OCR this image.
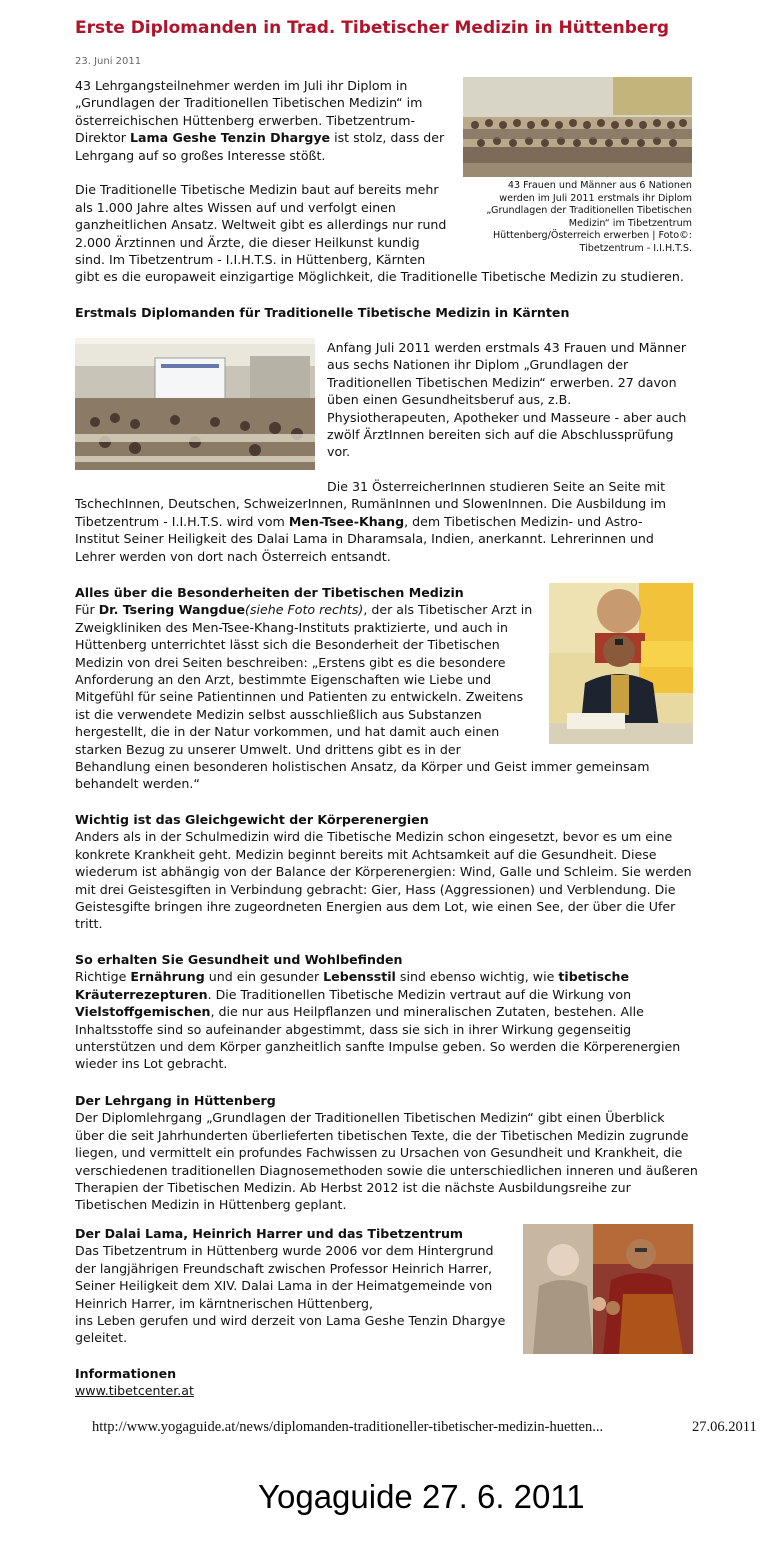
Erste Diplomanden in Trad. Tibetischer Medizin in Hüttenberg
23. Juni 2011

43 Lehrgangsteilnehmer werden im Juli ihr Diplom in

„Grundlagen der Traditionellen Tibetischen Medizin“ im

österreichischen Hüttenberg erwerben. Tibetzentrum-

Direktor Lama Geshe Tenzin Dhargye ist stolz, dass der

Lehrgang auf so großes Interesse stößt.

Die Traditionelle Tibetische Medizin baut auf bereits mehr

als 1.000 Jahre altes Wissen auf und verfolgt einen

ganzheitlichen Ansatz. Weltweit gibt es allerdings nur rund

2.000 Ärztinnen und Ärzte, die dieser Heilkunst kundig

sind. Im Tibetzentrum - I.I.H.T.S. in Hüttenberg, Kärnten

gibt es die europaweit einzigartige Möglichkeit, die Traditionelle Tibetische Medizin zu studieren.

43 Frauen und Männer aus 6 Nationen
werden im Juli 2011 erstmals ihr Diplom
„Grundlagen der Traditionellen Tibetischen
Medizin“ im Tibetzentrum
Hüttenberg/Österreich erwerben | Foto©:
Tibetzentrum - I.I.H.T.S.
Erstmals Diplomanden für Traditionelle Tibetische Medizin in Kärnten

Anfang Juli 2011 werden erstmals 43 Frauen und Männer

aus sechs Nationen ihr Diplom „Grundlagen der

Traditionellen Tibetischen Medizin“ erwerben. 27 davon

üben einen Gesundheitsberuf aus, z.B.

Physiotherapeuten, Apotheker und Masseure - aber auch

zwölf ÄrztInnen bereiten sich auf die Abschlussprüfung

vor.

Die 31 ÖsterreicherInnen studieren Seite an Seite mit

TschechInnen, Deutschen, SchweizerInnen, RumänInnen und SlowenInnen. Die Ausbildung im

Tibetzentrum - I.I.H.T.S. wird vom Men-Tsee-Khang, dem Tibetischen Medizin- und Astro-

Institut Seiner Heiligkeit des Dalai Lama in Dharamsala, Indien, anerkannt. Lehrerinnen und

Lehrer werden von dort nach Österreich entsandt.

Alles über die Besonderheiten der Tibetischen Medizin

Für Dr. Tsering Wangdue(siehe Foto rechts), der als Tibetischer Arzt in

Zweigkliniken des Men-Tsee-Khang-Instituts praktizierte, und auch in

Hüttenberg unterrichtet lässt sich die Besonderheit der Tibetischen

Medizin von drei Seiten beschreiben: „Erstens gibt es die besondere

Anforderung an den Arzt, bestimmte Eigenschaften wie Liebe und

Mitgefühl für seine Patientinnen und Patienten zu entwickeln. Zweitens

ist die verwendete Medizin selbst ausschließlich aus Substanzen

hergestellt, die in der Natur vorkommen, und hat damit auch einen

starken Bezug zu unserer Umwelt. Und drittens gibt es in der

Behandlung einen besonderen holistischen Ansatz, da Körper und Geist immer gemeinsam

behandelt werden.“

Wichtig ist das Gleichgewicht der Körperenergien

Anders als in der Schulmedizin wird die Tibetische Medizin schon eingesetzt, bevor es um eine

konkrete Krankheit geht. Medizin beginnt bereits mit Achtsamkeit auf die Gesundheit. Diese

wiederum ist abhängig von der Balance der Körperenergien: Wind, Galle und Schleim. Sie werden

mit drei Geistesgiften in Verbindung gebracht: Gier, Hass (Aggressionen) und Verblendung. Die

Geistesgifte bringen ihre zugeordneten Energien aus dem Lot, wie einen See, der über die Ufer

tritt.

So erhalten Sie Gesundheit und Wohlbefinden

Richtige Ernährung und ein gesunder Lebensstil sind ebenso wichtig, wie tibetische

Kräuterrezepturen. Die Traditionellen Tibetische Medizin vertraut auf die Wirkung von

Vielstoffgemischen, die nur aus Heilpflanzen und mineralischen Zutaten, bestehen. Alle

Inhaltsstoffe sind so aufeinander abgestimmt, dass sie sich in ihrer Wirkung gegenseitig

unterstützen und dem Körper ganzheitlich sanfte Impulse geben. So werden die Körperenergien

wieder ins Lot gebracht.

Der Lehrgang in Hüttenberg

Der Diplomlehrgang „Grundlagen der Traditionellen Tibetischen Medizin“ gibt einen Überblick

über die seit Jahrhunderten überlieferten tibetischen Texte, die der Tibetischen Medizin zugrunde

liegen, und vermittelt ein profundes Fachwissen zu Ursachen von Gesundheit und Krankheit, die

verschiedenen traditionellen Diagnosemethoden sowie die unterschiedlichen inneren und äußeren

Therapien der Tibetischen Medizin. Ab Herbst 2012 ist die nächste Ausbildungsreihe zur

Tibetischen Medizin in Hüttenberg geplant.

Der Dalai Lama, Heinrich Harrer und das Tibetzentrum

Das Tibetzentrum in Hüttenberg wurde 2006 vor dem Hintergrund

der langjährigen Freundschaft zwischen Professor Heinrich Harrer,

Seiner Heiligkeit dem XIV. Dalai Lama in der Heimatgemeinde von

Heinrich Harrer, im kärntnerischen Hüttenberg,

ins Leben gerufen und wird derzeit von Lama Geshe Tenzin Dhargye

geleitet.

Informationen

www.tibetcenter.at

http://www.yogaguide.at/news/diplomanden-traditioneller-tibetischer-medizin-huetten...	27.06.2011
Yogaguide 27. 6. 2011
